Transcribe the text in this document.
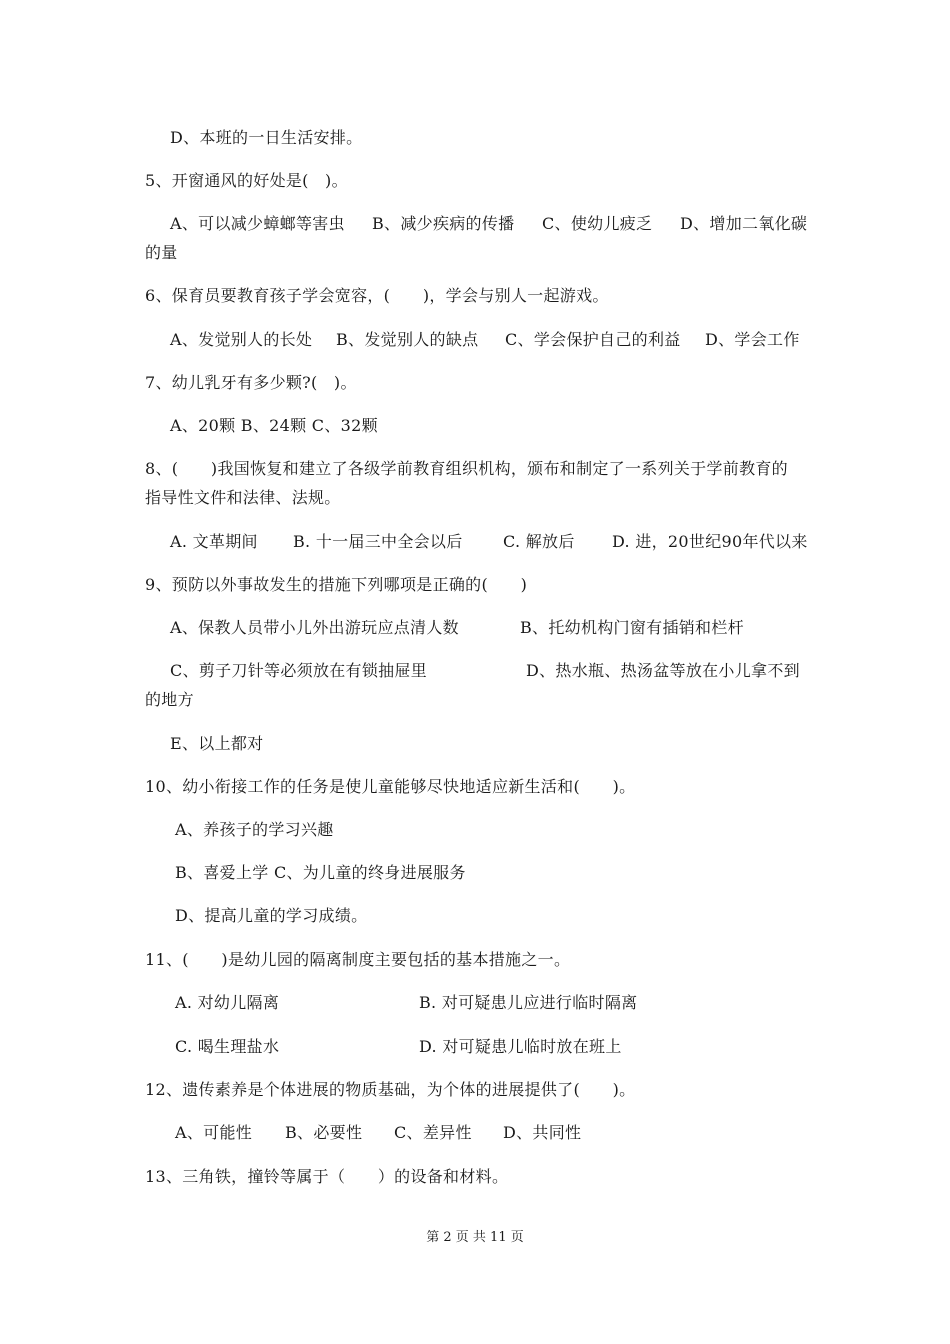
D、本班的一日生活安排。
5、开窗通风的好处是(　)。
A、可以减少蟑螂等害虫 B、减少疾病的传播 C、使幼儿疲乏 D、增加二氧化碳
的量
6、保育员要教育孩子学会宽容，(　　)，学会与别人一起游戏。
A、发觉别人的长处 B、发觉别人的缺点 C、学会保护自己的利益 D、学会工作
7、幼儿乳牙有多少颗?(　)。
A、20颗 B、24颗 C、32颗
8、(　　)我国恢复和建立了各级学前教育组织机构，颁布和制定了一系列关于学前教育的
指导性文件和法律、法规。
A. 文革期间 B. 十一届三中全会以后	C. 解放后 D. 进，20世纪90年代以来
9、预防以外事故发生的措施下列哪项是正确的(　　)
A、保教人员带小儿外出游玩应点清人数	B、托幼机构门窗有插销和栏杆
C、剪子刀针等必须放在有锁抽屉里	D、热水瓶、热汤盆等放在小儿拿不到
的地方
E、以上都对
10、幼小衔接工作的任务是使儿童能够尽快地适应新生活和(　　)。
A、养孩子的学习兴趣
B、喜爱上学 C、为儿童的终身进展服务
D、提高儿童的学习成绩。
11、(　　)是幼儿园的隔离制度主要包括的基本措施之一。
A. 对幼儿隔离	B. 对可疑患儿应进行临时隔离
C. 喝生理盐水	D. 对可疑患儿临时放在班上
12、遗传素养是个体进展的物质基础，为个体的进展提供了(　　)。
A、可能性 B、必要性 C、差异性 D、共同性
13、三角铁，撞铃等属于（　　）的设备和材料。
第 2 页 共 11 页
